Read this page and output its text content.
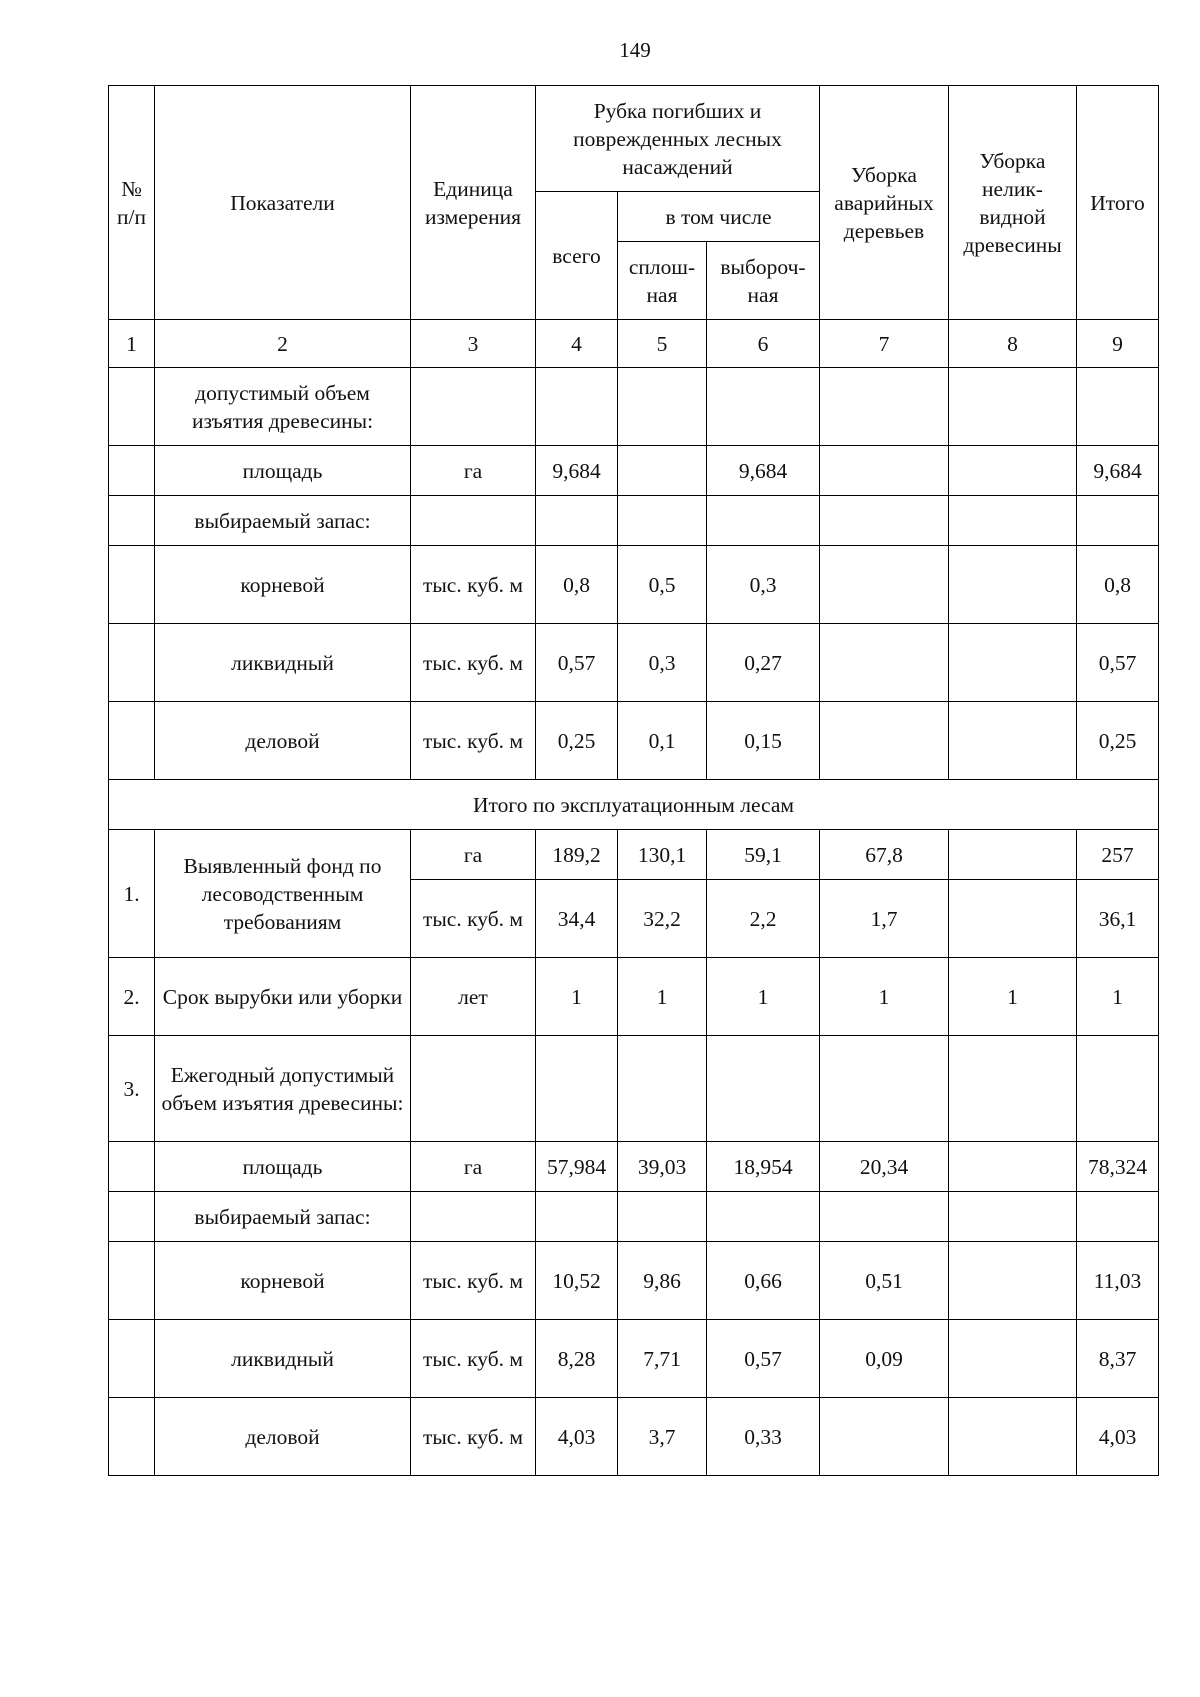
149
№ п/п	Показатели	Единица измерения	Рубка погибших и поврежденных лесных насаждений			Уборка аварийных деревьев	Уборка нелик-видной древесины	Итого
			всего	в том числе				
				сплош-ная	выбороч-ная			
1	2	3	4	5	6	7	8	9
	допустимый объем изъятия древесины:							
	площадь	га	9,684		9,684			9,684
	выбираемый запас:							
	корневой	тыс. куб. м	0,8	0,5	0,3			0,8
	ликвидный	тыс. куб. м	0,57	0,3	0,27			0,57
	деловой	тыс. куб. м	0,25	0,1	0,15			0,25
Итого по эксплуатационным лесам								
1.	Выявленный фонд по лесоводственным требованиям	га	189,2	130,1	59,1	67,8		257
		тыс. куб. м	34,4	32,2	2,2	1,7		36,1
2.	Срок вырубки или уборки	лет	1	1	1	1	1	1
3.	Ежегодный допустимый объем изъятия древесины:							
	площадь	га	57,984	39,03	18,954	20,34		78,324
	выбираемый запас:							
	корневой	тыс. куб. м	10,52	9,86	0,66	0,51		11,03
	ликвидный	тыс. куб. м	8,28	7,71	0,57	0,09		8,37
	деловой	тыс. куб. м	4,03	3,7	0,33			4,03
